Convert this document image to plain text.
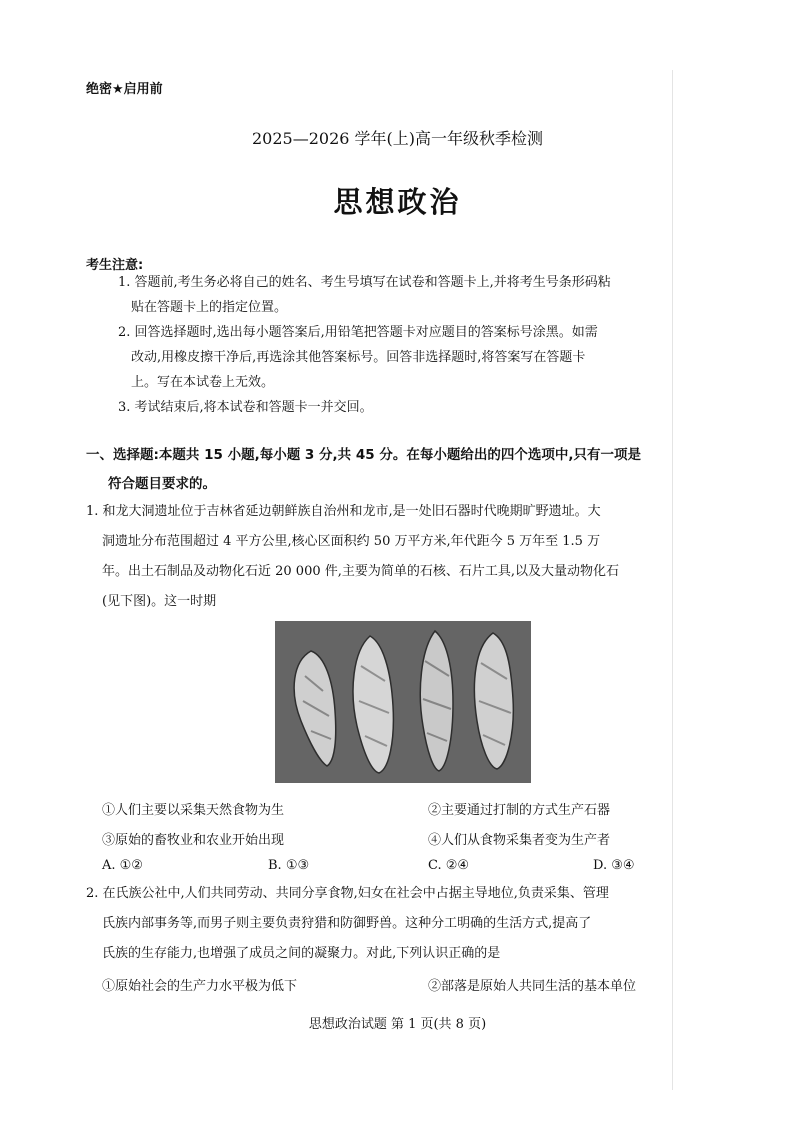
绝密★启用前
2025—2026 学年(上)高一年级秋季检测
思想政治
考生注意:
1. 答题前,考生务必将自己的姓名、考生号填写在试卷和答题卡上,并将考生号条形码粘
贴在答题卡上的指定位置。
2. 回答选择题时,选出每小题答案后,用铅笔把答题卡对应题目的答案标号涂黑。如需
改动,用橡皮擦干净后,再选涂其他答案标号。回答非选择题时,将答案写在答题卡
上。写在本试卷上无效。
3. 考试结束后,将本试卷和答题卡一并交回。
一、选择题:本题共 15 小题,每小题 3 分,共 45 分。在每小题给出的四个选项中,只有一项是
符合题目要求的。
1. 和龙大洞遗址位于吉林省延边朝鲜族自治州和龙市,是一处旧石器时代晚期旷野遗址。大
洞遗址分布范围超过 4 平方公里,核心区面积约 50 万平方米,年代距今 5 万年至 1.5 万
年。出土石制品及动物化石近 20 000 件,主要为简单的石核、石片工具,以及大量动物化石
(见下图)。这一时期
①人们主要以采集天然食物为生	②主要通过打制的方式生产石器
③原始的畜牧业和农业开始出现	④人们从食物采集者变为生产者
A. ①②	B. ①③	C. ②④	D. ③④
2. 在氏族公社中,人们共同劳动、共同分享食物,妇女在社会中占据主导地位,负责采集、管理
氏族内部事务等,而男子则主要负责狩猎和防御野兽。这种分工明确的生活方式,提高了
氏族的生存能力,也增强了成员之间的凝聚力。对此,下列认识正确的是
①原始社会的生产力水平极为低下	②部落是原始人共同生活的基本单位
思想政治试题 第 1 页(共 8 页)
